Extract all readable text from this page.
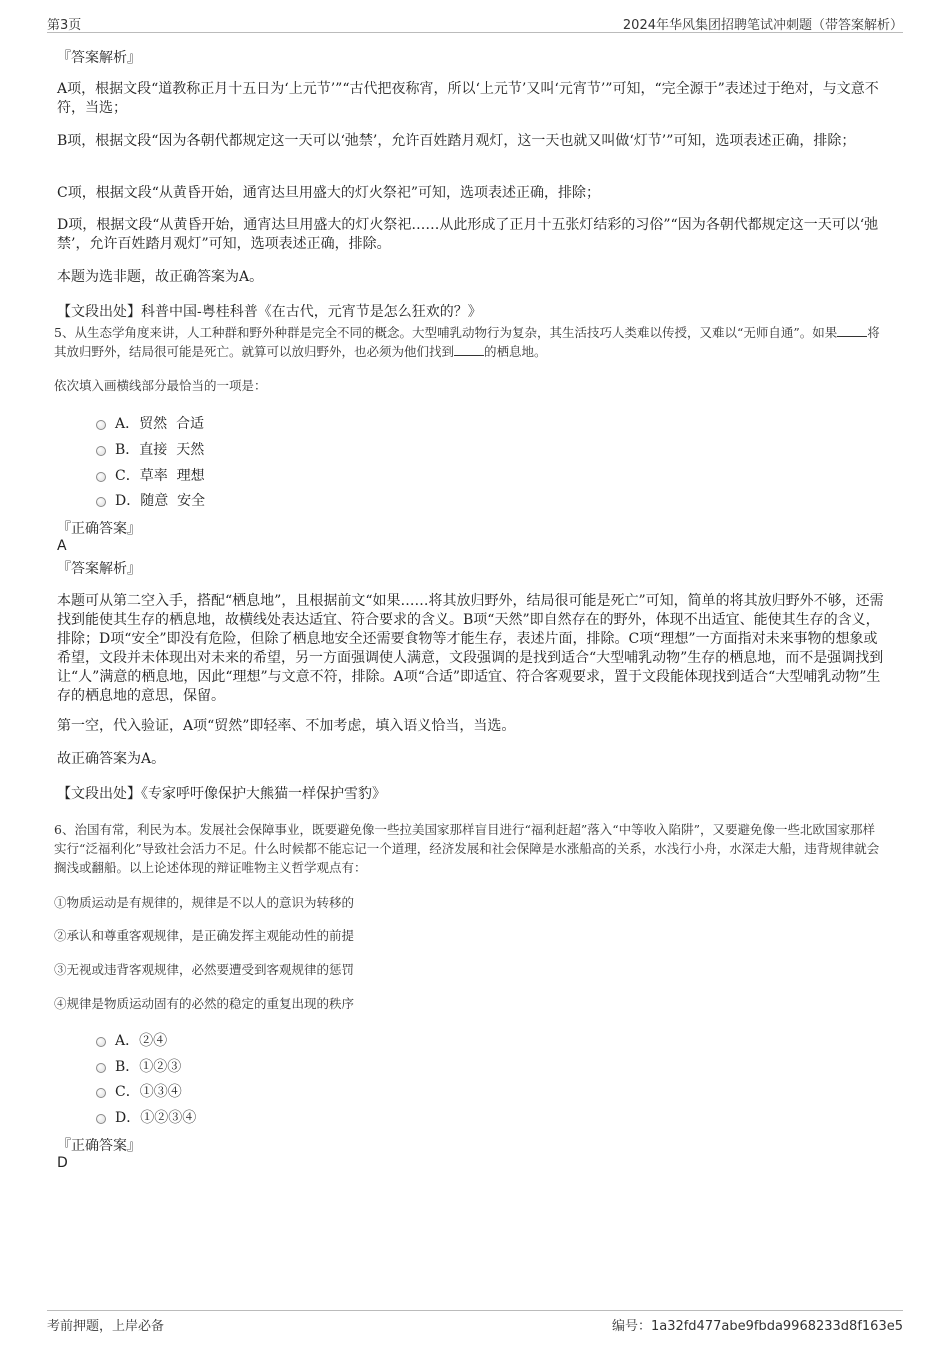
第3页	2024年华风集团招聘笔试冲刺题（带答案解析）
『答案解析』

A项，根据文段“道教称正月十五日为‘上元节’”“古代把夜称宵，所以‘上元节’又叫‘元宵节’”可知，“完全源于”表述过于绝对，与文意不符，当选；

B项，根据文段“因为各朝代都规定这一天可以‘弛禁’，允许百姓踏月观灯，这一天也就又叫做‘灯节’”可知，选项表述正确，排除；

C项，根据文段“从黄昏开始，通宵达旦用盛大的灯火祭祀”可知，选项表述正确，排除；

D项，根据文段“从黄昏开始，通宵达旦用盛大的灯火祭祀……从此形成了正月十五张灯结彩的习俗”“因为各朝代都规定这一天可以‘弛禁’，允许百姓踏月观灯”可知，选项表述正确，排除。

本题为选非题，故正确答案为A。

【文段出处】科普中国-粤桂科普《在古代，元宵节是怎么狂欢的？》

5、从生态学角度来讲，人工种群和野外种群是完全不同的概念。大型哺乳动物行为复杂，其生活技巧人类难以传授，又难以“无师自通”。如果 将其放归野外，结局很可能是死亡。就算可以放归野外，也必须为他们找到 的栖息地。

依次填入画横线部分最恰当的一项是：

A．贸然  合适
B．直接  天然
C．草率  理想
D．随意  安全
『正确答案』
A
『答案解析』

本题可从第二空入手，搭配“栖息地”，且根据前文“如果……将其放归野外，结局很可能是死亡”可知，简单的将其放归野外不够，还需找到能使其生存的栖息地，故横线处表达适宜、符合要求的含义。B项“天然”即自然存在的野外，体现不出适宜、能使其生存的含义，排除；D项“安全”即没有危险，但除了栖息地安全还需要食物等才能生存，表述片面，排除。C项“理想”一方面指对未来事物的想象或希望，文段并未体现出对未来的希望，另一方面强调使人满意，文段强调的是找到适合“大型哺乳动物”生存的栖息地，而不是强调找到让“人”满意的栖息地，因此“理想”与文意不符，排除。A项“合适”即适宜、符合客观要求，置于文段能体现找到适合“大型哺乳动物”生存的栖息地的意思，保留。

第一空，代入验证，A项“贸然”即轻率、不加考虑，填入语义恰当，当选。

故正确答案为A。

【文段出处】《专家呼吁像保护大熊猫一样保护雪豹》

6、治国有常，利民为本。发展社会保障事业，既要避免像一些拉美国家那样盲目进行“福利赶超”落入“中等收入陷阱”，又要避免像一些北欧国家那样实行“泛福利化”导致社会活力不足。什么时候都不能忘记一个道理，经济发展和社会保障是水涨船高的关系，水浅行小舟，水深走大船，违背规律就会搁浅或翻船。以上论述体现的辩证唯物主义哲学观点有：

①物质运动是有规律的，规律是不以人的意识为转移的

②承认和尊重客观规律，是正确发挥主观能动性的前提

③无视或违背客观规律，必然要遭受到客观规律的惩罚

④规律是物质运动固有的必然的稳定的重复出现的秩序

A．②④
B．①②③
C．①③④
D．①②③④
『正确答案』
D
考前押题，上岸必备	编号：1a32fd477abe9fbda9968233d8f163e5
